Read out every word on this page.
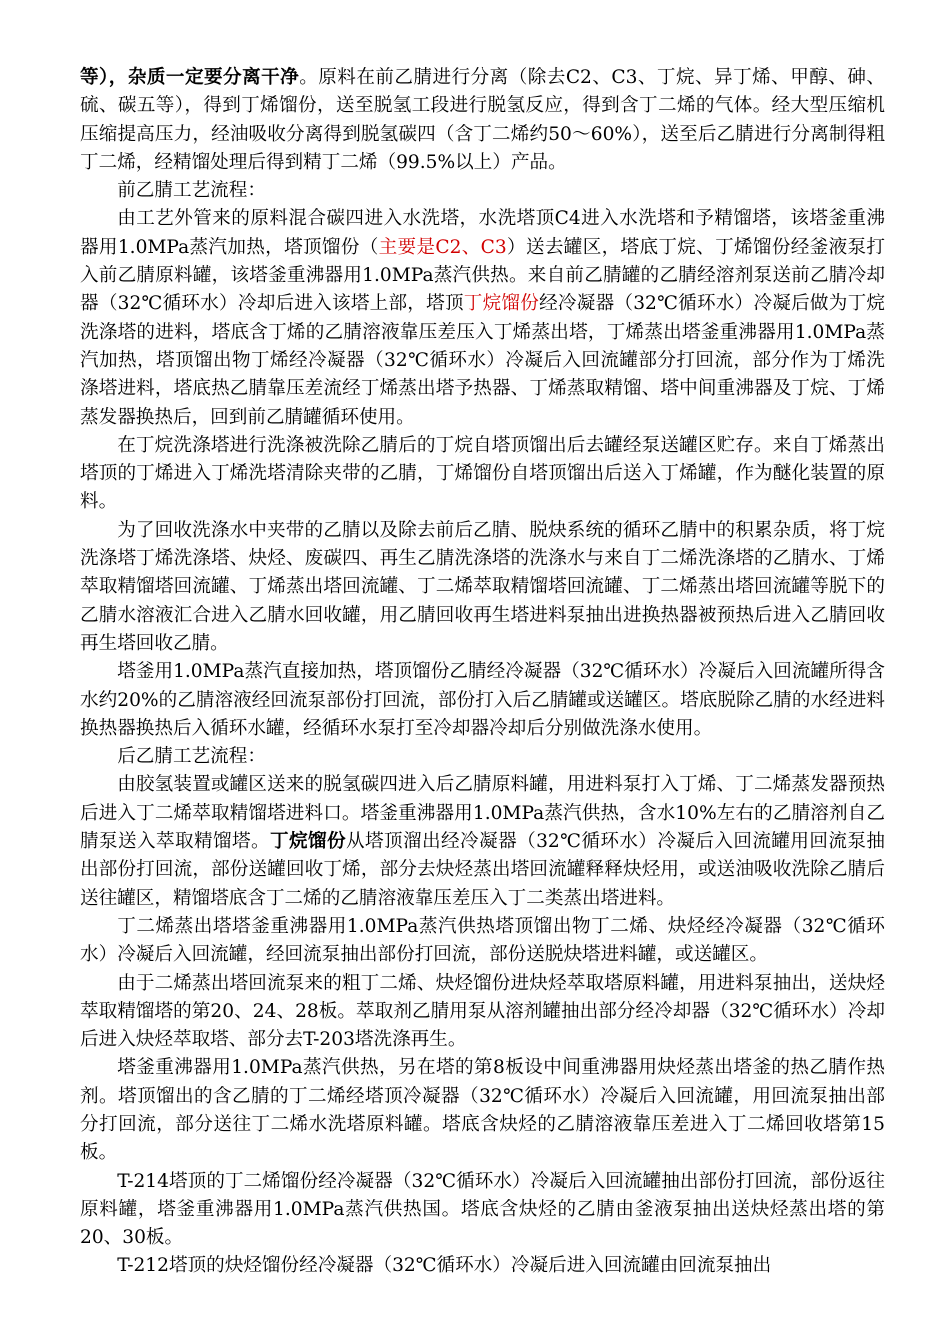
等），杂质一定要分离干净。原料在前乙腈进行分离（除去C2、C3、丁烷、异丁烯、甲醇、砷、硫、碳五等），得到丁烯馏份，送至脱氢工段进行脱氢反应，得到含丁二烯的气体。经大型压缩机压缩提高压力，经油吸收分离得到脱氢碳四（含丁二烯约50～60%），送至后乙腈进行分离制得粗丁二烯，经精馏处理后得到精丁二烯（99.5%以上）产品。

前乙腈工艺流程：

由工艺外管来的原料混合碳四进入水洗塔，水洗塔顶C4进入水洗塔和予精馏塔，该塔釜重沸器用1.0MPa蒸汽加热，塔顶馏份（主要是C2、C3）送去罐区，塔底丁烷、丁烯馏份经釜液泵打入前乙腈原料罐，该塔釜重沸器用1.0MPa蒸汽供热。来自前乙腈罐的乙腈经溶剂泵送前乙腈冷却器（32℃循环水）冷却后进入该塔上部，塔顶丁烷馏份经冷凝器（32℃循环水）冷凝后做为丁烷洗涤塔的进料，塔底含丁烯的乙腈溶液靠压差压入丁烯蒸出塔，丁烯蒸出塔釜重沸器用1.0MPa蒸汽加热，塔顶馏出物丁烯经冷凝器（32℃循环水）冷凝后入回流罐部分打回流，部分作为丁烯洗涤塔进料，塔底热乙腈靠压差流经丁烯蒸出塔予热器、丁烯蒸取精馏、塔中间重沸器及丁烷、丁烯蒸发器换热后，回到前乙腈罐循环使用。

在丁烷洗涤塔进行洗涤被洗除乙腈后的丁烷自塔顶馏出后去罐经泵送罐区贮存。来自丁烯蒸出塔顶的丁烯进入丁烯洗塔清除夹带的乙腈，丁烯馏份自塔顶馏出后送入丁烯罐，作为醚化装置的原料。

为了回收洗涤水中夹带的乙腈以及除去前后乙腈、脱炔系统的循环乙腈中的积累杂质，将丁烷洗涤塔丁烯洗涤塔、炔烃、废碳四、再生乙腈洗涤塔的洗涤水与来自丁二烯洗涤塔的乙腈水、丁烯萃取精馏塔回流罐、丁烯蒸出塔回流罐、丁二烯萃取精馏塔回流罐、丁二烯蒸出塔回流罐等脱下的乙腈水溶液汇合进入乙腈水回收罐，用乙腈回收再生塔进料泵抽出进换热器被预热后进入乙腈回收再生塔回收乙腈。

塔釜用1.0MPa蒸汽直接加热，塔顶馏份乙腈经冷凝器（32℃循环水）冷凝后入回流罐所得含水约20%的乙腈溶液经回流泵部份打回流，部份打入后乙腈罐或送罐区。塔底脱除乙腈的水经进料换热器换热后入循环水罐，经循环水泵打至冷却器冷却后分别做洗涤水使用。

后乙腈工艺流程：

由胶氢装置或罐区送来的脱氢碳四进入后乙腈原料罐，用进料泵打入丁烯、丁二烯蒸发器预热后进入丁二烯萃取精馏塔进料口。塔釜重沸器用1.0MPa蒸汽供热，含水10%左右的乙腈溶剂自乙腈泵送入萃取精馏塔。丁烷馏份从塔顶溜出经冷凝器（32℃循环水）冷凝后入回流罐用回流泵抽出部份打回流，部份送罐回收丁烯，部分去炔烃蒸出塔回流罐释释炔烃用，或送油吸收洗除乙腈后送往罐区，精馏塔底含丁二烯的乙腈溶液靠压差压入丁二类蒸出塔进料。

丁二烯蒸出塔塔釜重沸器用1.0MPa蒸汽供热塔顶馏出物丁二烯、炔烃经冷凝器（32℃循环水）冷凝后入回流罐，经回流泵抽出部份打回流，部份送脱炔塔进料罐，或送罐区。

由于二烯蒸出塔回流泵来的粗丁二烯、炔烃馏份进炔烃萃取塔原料罐，用进料泵抽出，送炔烃萃取精馏塔的第20、24、28板。萃取剂乙腈用泵从溶剂罐抽出部分经冷却器（32℃循环水）冷却后进入炔烃萃取塔、部分去T-203塔洗涤再生。

塔釜重沸器用1.0MPa蒸汽供热，另在塔的第8板设中间重沸器用炔烃蒸出塔釜的热乙腈作热剂。塔顶馏出的含乙腈的丁二烯经塔顶冷凝器（32℃循环水）冷凝后入回流罐，用回流泵抽出部分打回流，部分送往丁二烯水洗塔原料罐。塔底含炔烃的乙腈溶液靠压差进入丁二烯回收塔第15板。

T-214塔顶的丁二烯馏份经冷凝器（32℃循环水）冷凝后入回流罐抽出部份打回流，部份返往原料罐，塔釜重沸器用1.0MPa蒸汽供热国。塔底含炔烃的乙腈由釜液泵抽出送炔烃蒸出塔的第20、30板。

T-212塔顶的炔烃馏份经冷凝器（32℃循环水）冷凝后进入回流罐由回流泵抽出
